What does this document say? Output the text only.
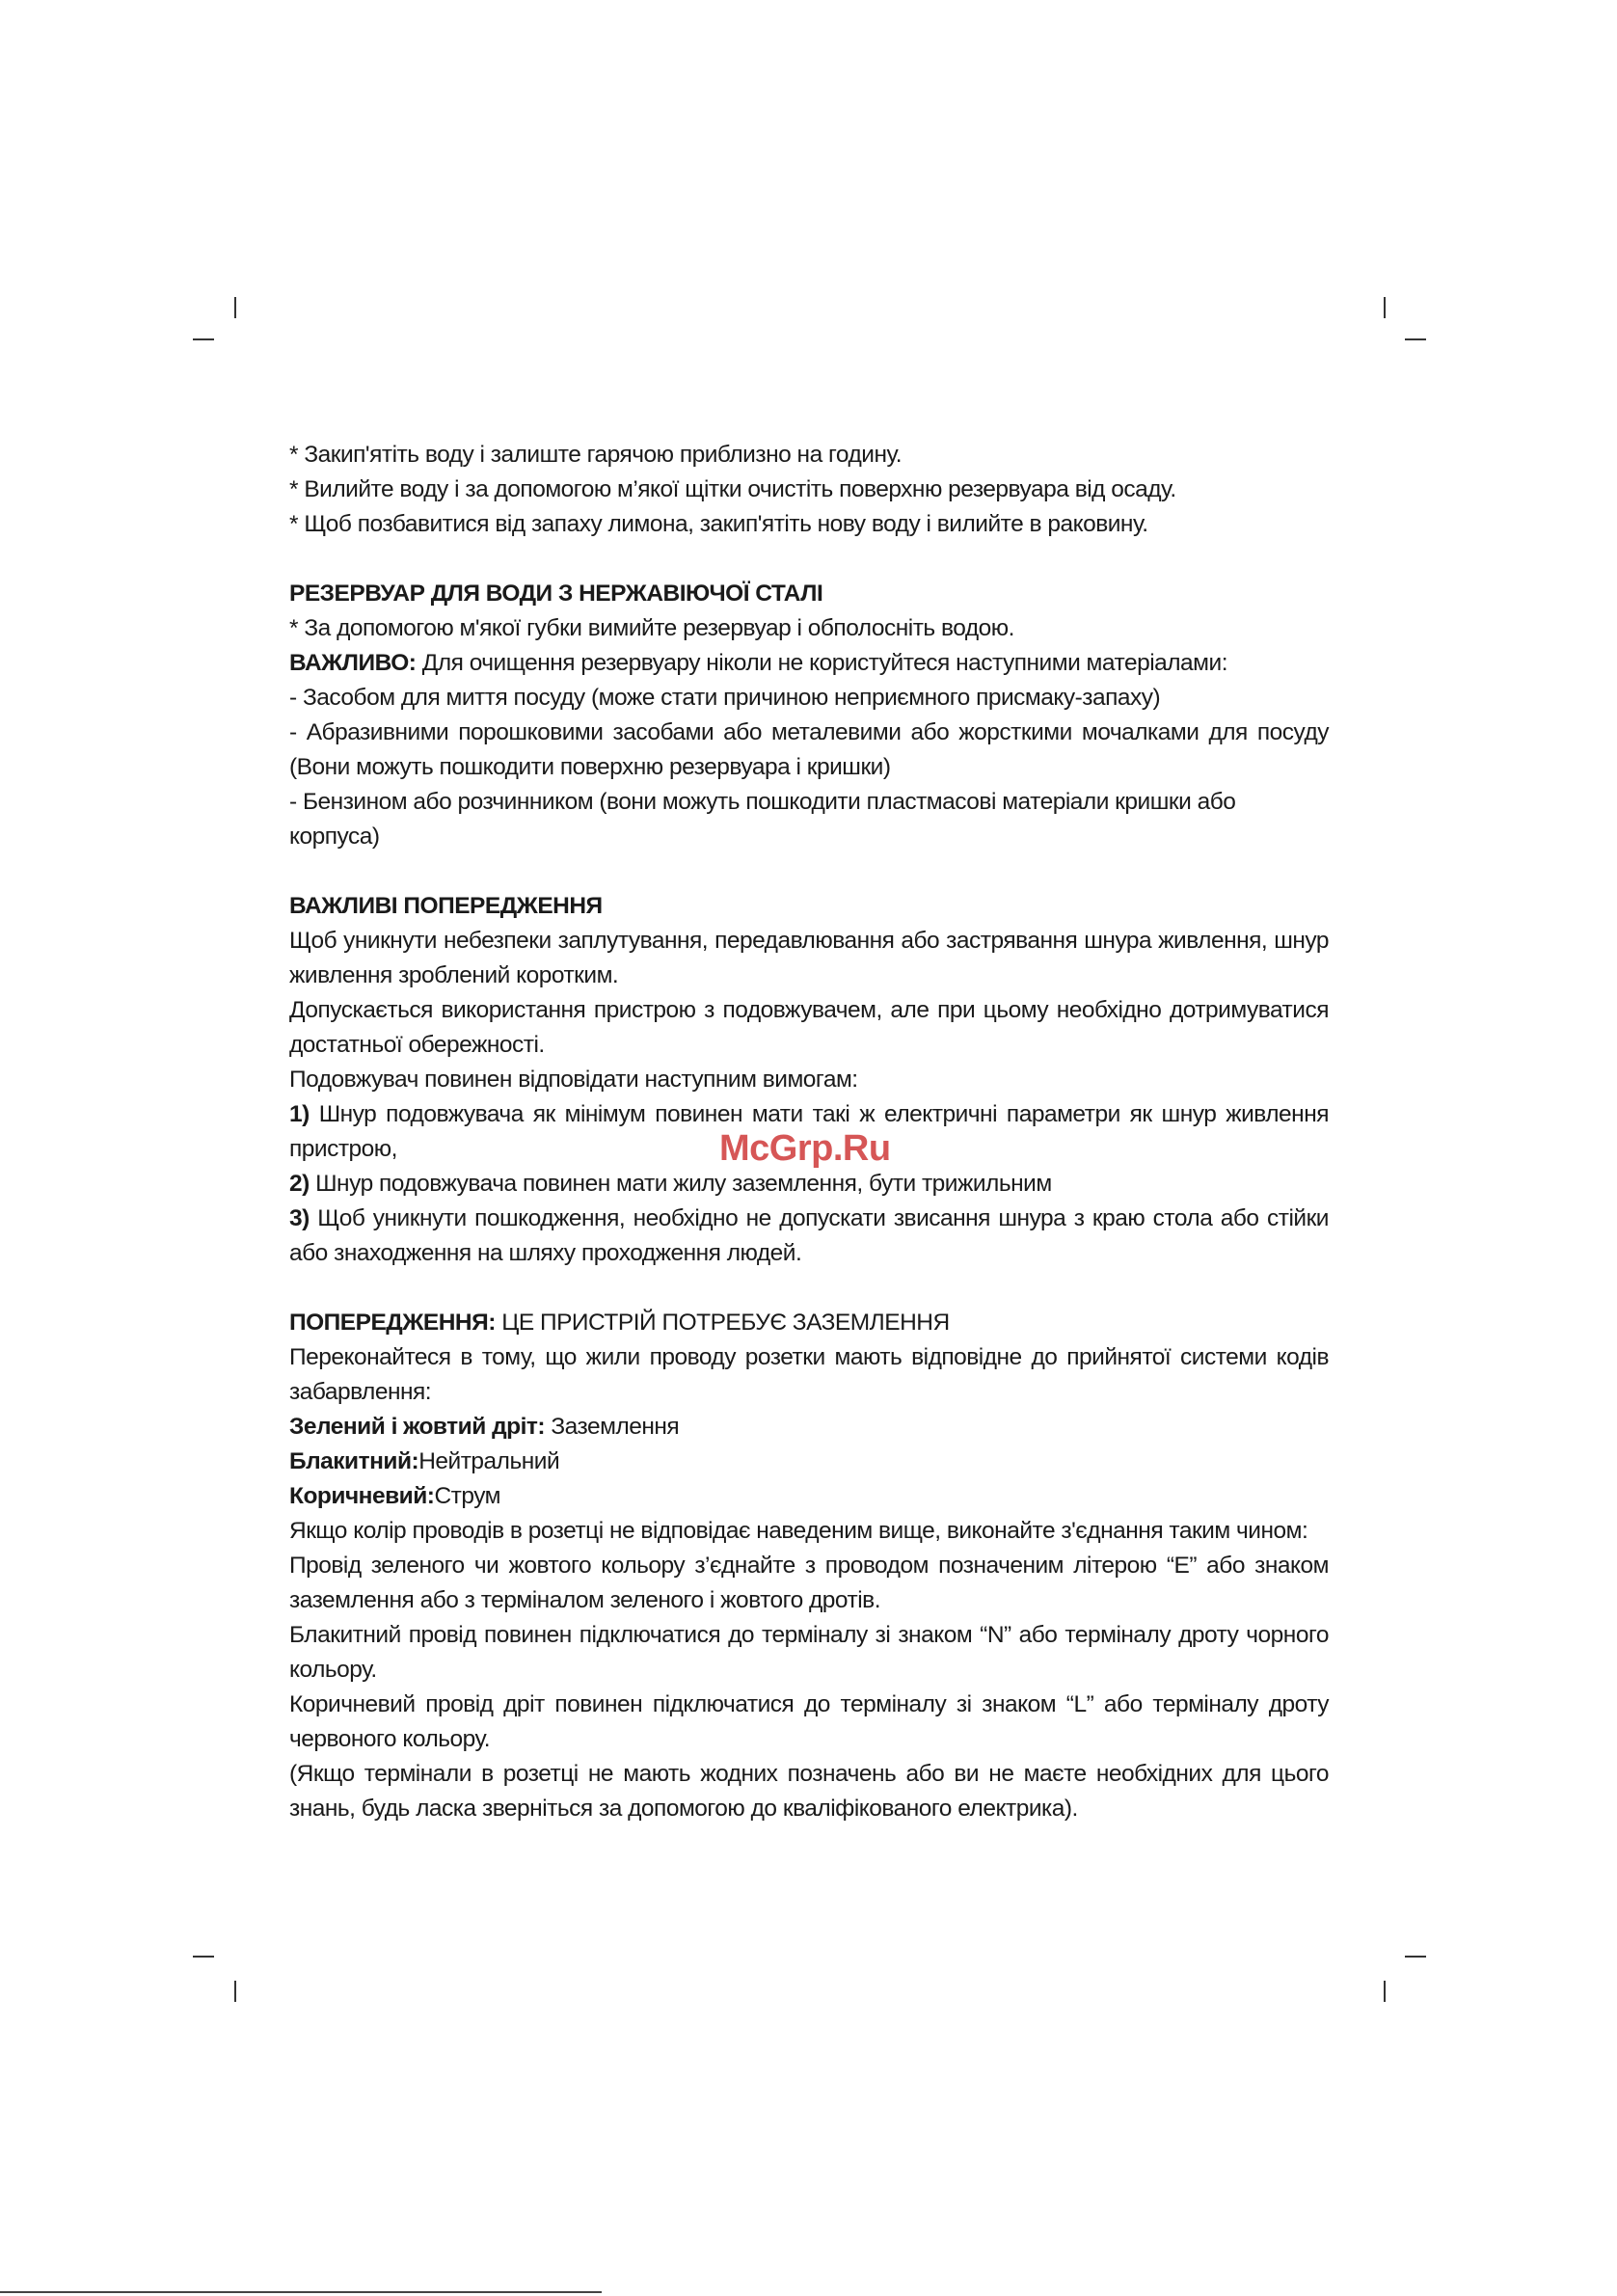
* Закип'ятіть воду і залиште гарячою приблизно на годину.

* Вилийте воду і за допомогою м’якої щітки очистіть поверхню резервуара від осаду.

* Щоб позбавитися від запаху лимона, закип'ятіть нову воду і вилийте в раковину.

РЕЗЕРВУАР ДЛЯ ВОДИ З НЕРЖАВІЮЧОЇ СТАЛІ

* За допомогою м'якої губки вимийте резервуар і обполосніть водою.

ВАЖЛИВО: Для очищення резервуару ніколи не користуйтеся наступними матеріалами:

- Засобом для миття посуду (може стати причиною неприємного присмаку-запаху)

- Абразивними порошковими засобами або металевими або жорсткими мочалками для посуду (Вони можуть пошкодити поверхню резервуара і кришки)

- Бензином або розчинником (вони можуть пошкодити пластмасові матеріали кришки або корпуса)

ВАЖЛИВІ ПОПЕРЕДЖЕННЯ

Щоб уникнути небезпеки заплутування, передавлювання або застрявання шнура живлення, шнур живлення зроблений коротким.

Допускається використання пристрою з подовжувачем, але при цьому необхідно дотримуватися достатньої обережності.

Подовжувач повинен відповідати наступним вимогам:

1) Шнур подовжувача як мінімум повинен мати такі ж електричні параметри як шнур живлення пристрою,

2) Шнур подовжувача повинен мати жилу заземлення, бути трижильним

3) Щоб уникнути пошкодження, необхідно не допускати звисання шнура з краю стола або стійки або знаходження на шляху проходження людей.

ПОПЕРЕДЖЕННЯ: ЦЕ ПРИСТРІЙ ПОТРЕБУЄ ЗАЗЕМЛЕННЯ

Переконайтеся в тому, що жили проводу розетки мають відповідне до прийнятої системи кодів забарвлення:

Зелений і жовтий дріт: Заземлення

Блакитний:Нейтральний

Коричневий:Струм

Якщо колір проводів в розетці не відповідає наведеним вище, виконайте з'єднання таким чином:

Провід зеленого чи жовтого кольору з’єднайте з проводом позначеним літерою “E” або знаком заземлення або з терміналом зеленого і жовтого дротів.

Блакитний провід повинен підключатися до терміналу зі знаком “N” або терміналу дроту чорного кольору.

Коричневий провід дріт повинен підключатися до терміналу зі знаком “L” або терміналу дроту червоного кольору.

(Якщо термінали в розетці не мають жодних позначень або ви не маєте необхідних для цього знань, будь ласка зверніться за допомогою до кваліфікованого електрика).

McGrp.Ru
